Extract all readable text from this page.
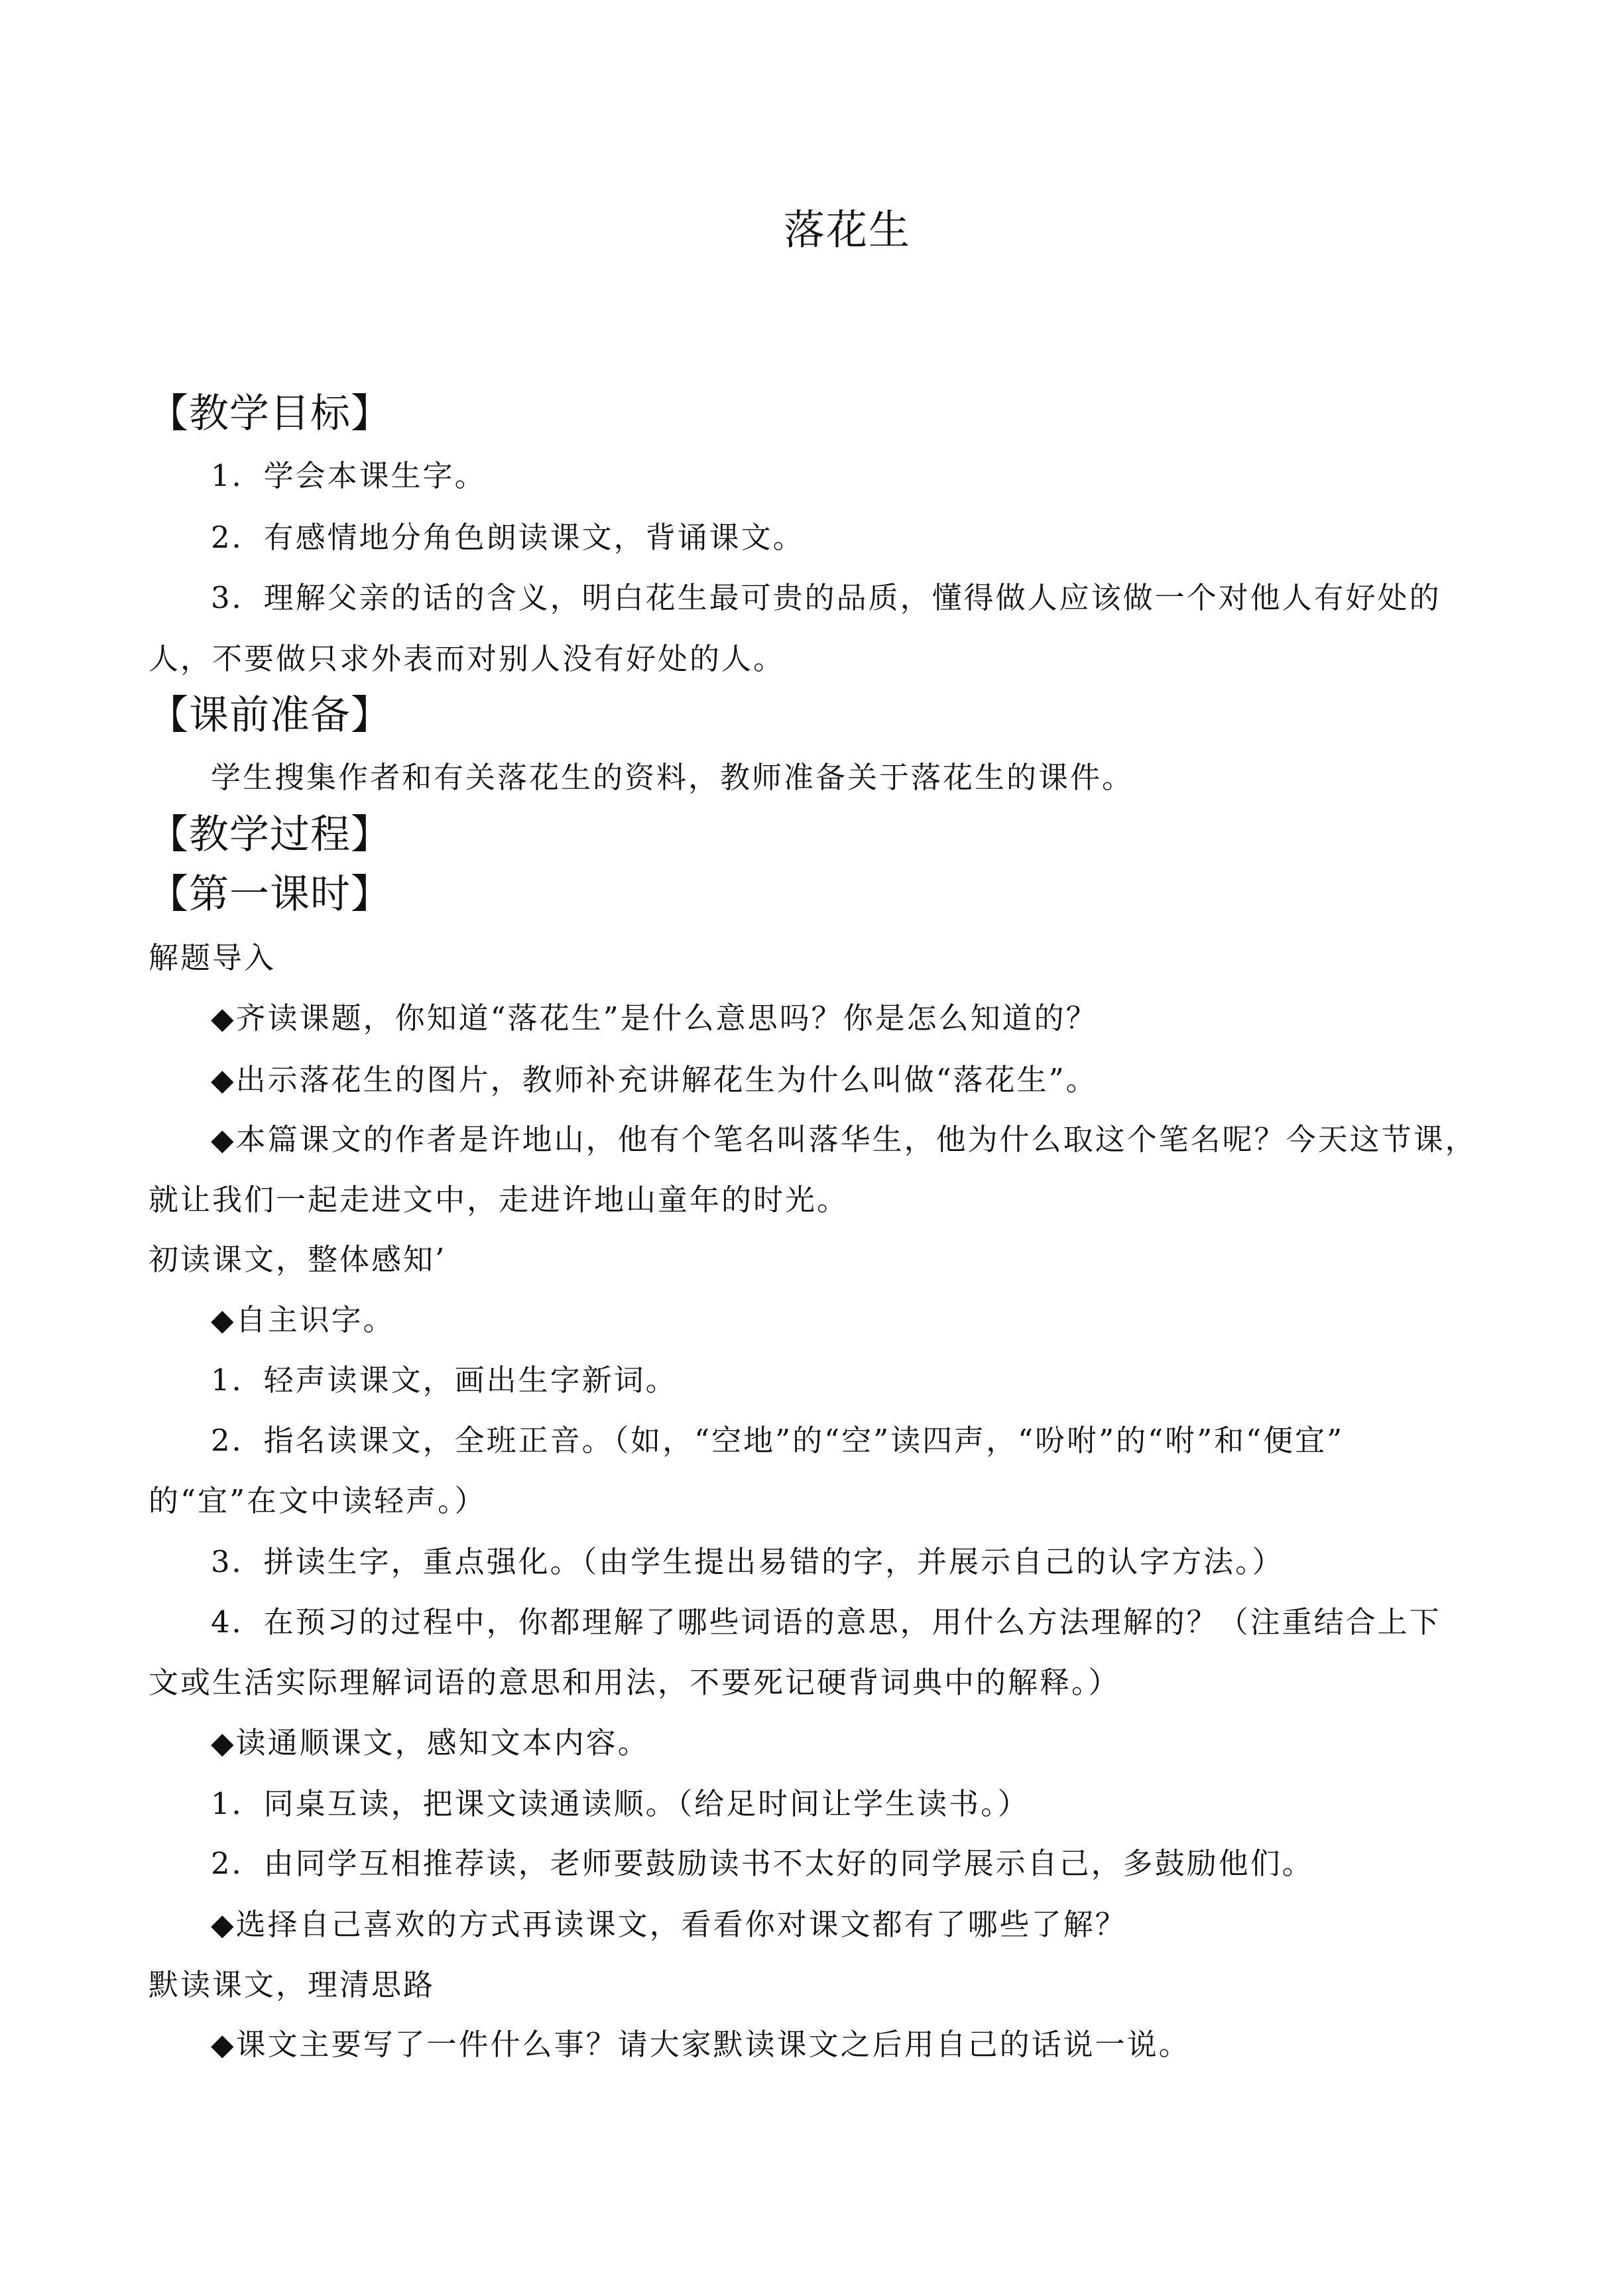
落花生
【教学目标】
1．学会本课生字。
2．有感情地分角色朗读课文，背诵课文。
3．理解父亲的话的含义，明白花生最可贵的品质，懂得做人应该做一个对他人有好处的
人，不要做只求外表而对别人没有好处的人。
【课前准备】
学生搜集作者和有关落花生的资料，教师准备关于落花生的课件。
【教学过程】
【第一课时】
解题导入
◆齐读课题，你知道“落花生”是什么意思吗？你是怎么知道的？
◆出示落花生的图片，教师补充讲解花生为什么叫做“落花生”。
◆本篇课文的作者是许地山，他有个笔名叫落华生，他为什么取这个笔名呢？今天这节课，
就让我们一起走进文中，走进许地山童年的时光。
初读课文，整体感知’
◆自主识字。
1．轻声读课文，画出生字新词。
2．指名读课文，全班正音。（如，“空地”的“空”读四声，“吩咐”的“咐”和“便宜”
的“宜”在文中读轻声。）
3．拼读生字，重点强化。（由学生提出易错的字，并展示自己的认字方法。）
4．在预习的过程中，你都理解了哪些词语的意思，用什么方法理解的？（注重结合上下
文或生活实际理解词语的意思和用法，不要死记硬背词典中的解释。）
◆读通顺课文，感知文本内容。
1．同桌互读，把课文读通读顺。（给足时间让学生读书。）
2．由同学互相推荐读，老师要鼓励读书不太好的同学展示自己，多鼓励他们。
◆选择自己喜欢的方式再读课文，看看你对课文都有了哪些了解？
默读课文，理清思路
◆课文主要写了一件什么事？请大家默读课文之后用自己的话说一说。
